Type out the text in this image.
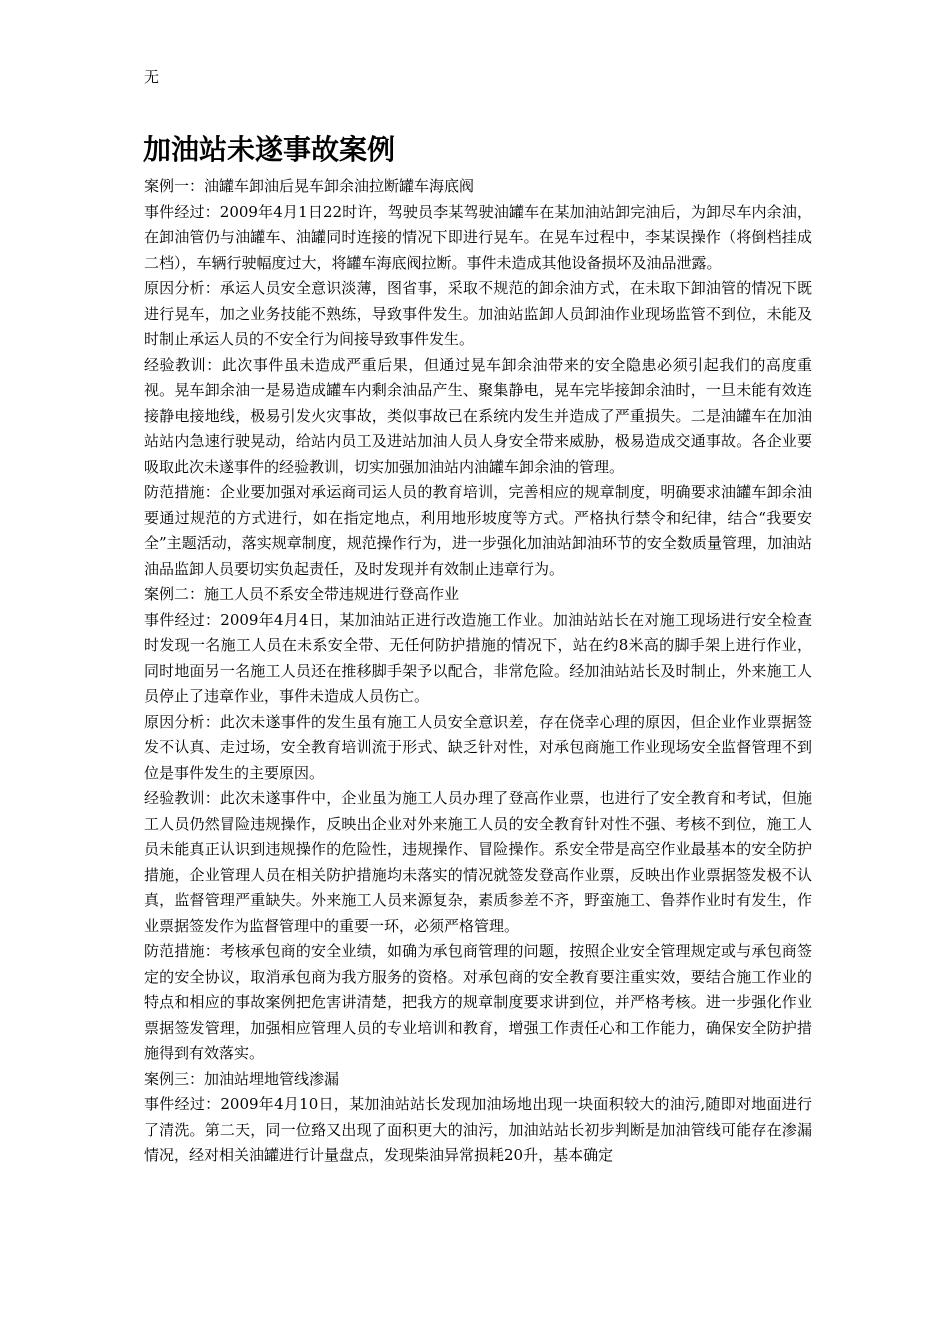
无
加油站未遂事故案例

案例一：油罐车卸油后晃车卸余油拉断罐车海底阀

事件经过：2009年4月1日22时许，驾驶员李某驾驶油罐车在某加油站卸完油后，为卸尽车内余油，在卸油管仍与油罐车、油罐同时连接的情况下即进行晃车。在晃车过程中，李某误操作（将倒档挂成二档），车辆行驶幅度过大，将罐车海底阀拉断。事件未造成其他设备损坏及油品泄露。

原因分析：承运人员安全意识淡薄，图省事，采取不规范的卸余油方式，在未取下卸油管的情况下既进行晃车，加之业务技能不熟练，导致事件发生。加油站监卸人员卸油作业现场监管不到位，未能及时制止承运人员的不安全行为间接导致事件发生。

经验教训：此次事件虽未造成严重后果，但通过晃车卸余油带来的安全隐患必须引起我们的高度重视。晃车卸余油一是易造成罐车内剩余油品产生、聚集静电，晃车完毕接卸余油时，一旦未能有效连接静电接地线，极易引发火灾事故，类似事故已在系统内发生并造成了严重损失。二是油罐车在加油站站内急速行驶晃动，给站内员工及进站加油人员人身安全带来威胁，极易造成交通事故。各企业要吸取此次未遂事件的经验教训，切实加强加油站内油罐车卸余油的管理。

防范措施：企业要加强对承运商司运人员的教育培训，完善相应的规章制度，明确要求油罐车卸余油要通过规范的方式进行，如在指定地点，利用地形坡度等方式。严格执行禁令和纪律，结合“我要安全”主题活动，落实规章制度，规范操作行为，进一步强化加油站卸油环节的安全数质量管理，加油站油品监卸人员要切实负起责任，及时发现并有效制止违章行为。

案例二：施工人员不系安全带违规进行登高作业

事件经过：2009年4月4日，某加油站正进行改造施工作业。加油站站长在对施工现场进行安全检查时发现一名施工人员在未系安全带、无任何防护措施的情况下，站在约8米高的脚手架上进行作业，同时地面另一名施工人员还在推移脚手架予以配合，非常危险。经加油站站长及时制止，外来施工人员停止了违章作业，事件未造成人员伤亡。

原因分析：此次未遂事件的发生虽有施工人员安全意识差，存在侥幸心理的原因，但企业作业票据签发不认真、走过场，安全教育培训流于形式、缺乏针对性，对承包商施工作业现场安全监督管理不到位是事件发生的主要原因。

经验教训：此次未遂事件中，企业虽为施工人员办理了登高作业票，也进行了安全教育和考试，但施工人员仍然冒险违规操作，反映出企业对外来施工人员的安全教育针对性不强、考核不到位，施工人员未能真正认识到违规操作的危险性，违规操作、冒险操作。系安全带是高空作业最基本的安全防护措施，企业管理人员在相关防护措施均未落实的情况就签发登高作业票，反映出作业票据签发极不认真，监督管理严重缺失。外来施工人员来源复杂，素质参差不齐，野蛮施工、鲁莽作业时有发生，作业票据签发作为监督管理中的重要一环，必须严格管理。

防范措施：考核承包商的安全业绩，如确为承包商管理的问题，按照企业安全管理规定或与承包商签定的安全协议，取消承包商为我方服务的资格。对承包商的安全教育要注重实效，要结合施工作业的特点和相应的事故案例把危害讲清楚，把我方的规章制度要求讲到位，并严格考核。进一步强化作业票据签发管理，加强相应管理人员的专业培训和教育，增强工作责任心和工作能力，确保安全防护措施得到有效落实。

案例三：加油站埋地管线渗漏

事件经过：2009年4月10日，某加油站站长发现加油场地出现一块面积较大的油污,随即对地面进行了清洗。第二天，同一位臵又出现了面积更大的油污，加油站站长初步判断是加油管线可能存在渗漏情况，经对相关油罐进行计量盘点，发现柴油异常损耗20升，基本确定
